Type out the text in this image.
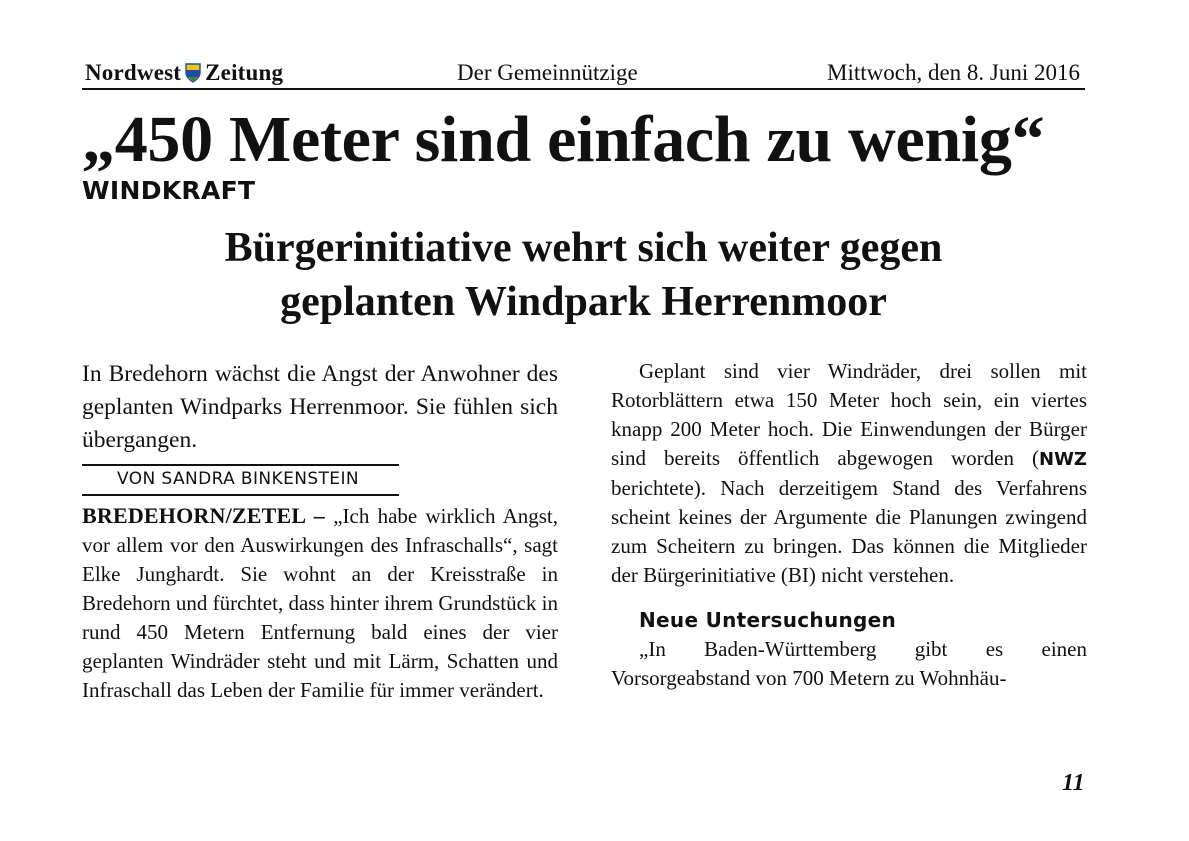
Nordwest Zeitung	Der Gemeinnützige	Mittwoch, den 8. Juni 2016
„450 Meter sind einfach zu wenig“
WINDKRAFT
Bürgerinitiative wehrt sich weiter gegen
geplanten Windpark Herrenmoor

In Bredehorn wächst die Angst der Anwohner des geplanten Windparks Herrenmoor. Sie fühlen sich übergangen.

VON SANDRA BINKENSTEIN

BREDEHORN/ZETEL – „Ich habe wirklich Angst, vor allem vor den Auswirkungen des Infraschalls“, sagt Elke Junghardt. Sie wohnt an der Kreisstraße in Bredehorn und fürchtet, dass hinter ihrem Grundstück in rund 450 Metern Entfernung bald eines der vier geplanten Windräder steht und mit Lärm, Schatten und Infraschall das Leben der Familie für immer verändert.

Geplant sind vier Windräder, drei sollen mit Rotorblättern etwa 150 Meter hoch sein, ein viertes knapp 200 Meter hoch. Die Einwendungen der Bürger sind bereits öffentlich abgewogen worden (NWZ berichtete). Nach derzeitigem Stand des Verfahrens scheint keines der Argumente die Planungen zwingend zum Scheitern zu bringen. Das können die Mitglieder der Bürgerinitiative (BI) nicht verstehen.

Neue Untersuchungen

„In Baden-Württemberg gibt es einen Vorsorgeabstand von 700 Metern zu Wohnhäu-

11
